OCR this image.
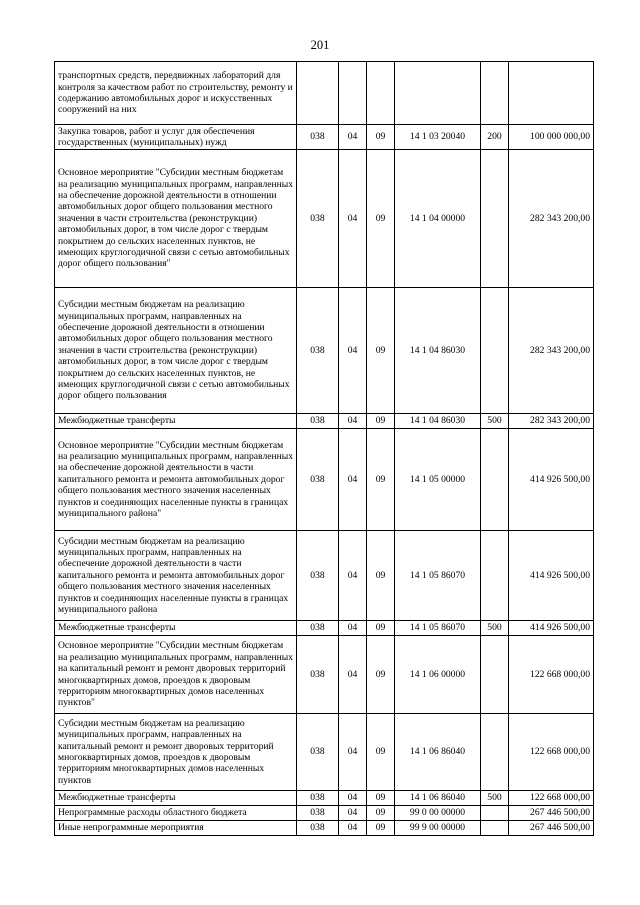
201
транспортных средств, передвижных лабораторий для контроля за качеством работ по строительству, ремонту и содержанию автомобильных дорог и искусственных сооружений на них						
Закупка товаров, работ и услуг для обеспечения государственных (муниципальных) нужд	038	04	09	14 1 03 20040	200	100 000 000,00
Основное мероприятие "Субсидии местным бюджетам на реализацию муниципальных программ, направленных на обеспечение дорожной деятельности в отношении автомобильных дорог общего пользования местного значения в части строительства (реконструкции) автомобильных дорог, в том числе дорог с твердым покрытием до сельских населенных пунктов, не имеющих круглогодичной связи с сетью автомобильных дорог общего пользования"	038	04	09	14 1 04 00000		282 343 200,00
Субсидии местным бюджетам на реализацию муниципальных программ, направленных на обеспечение дорожной деятельности в отношении автомобильных дорог общего пользования местного значения в части строительства (реконструкции) автомобильных дорог, в том числе дорог с твердым покрытием до сельских населенных пунктов, не имеющих круглогодичной связи с сетью автомобильных дорог общего пользования	038	04	09	14 1 04 86030		282 343 200,00
Межбюджетные трансферты	038	04	09	14 1 04 86030	500	282 343 200,00
Основное мероприятие "Субсидии местным бюджетам на реализацию муниципальных программ, направленных на обеспечение дорожной деятельности в части капитального ремонта и ремонта автомобильных дорог общего пользования местного значения населенных пунктов и соединяющих населенные пункты в границах муниципального района"	038	04	09	14 1 05 00000		414 926 500,00
Субсидии местным бюджетам на реализацию муниципальных программ, направленных на обеспечение дорожной деятельности в части капитального ремонта и ремонта автомобильных дорог общего пользования местного значения населенных пунктов и соединяющих населенные пункты в границах муниципального района	038	04	09	14 1 05 86070		414 926 500,00
Межбюджетные трансферты	038	04	09	14 1 05 86070	500	414 926 500,00
Основное мероприятие "Субсидии местным бюджетам на реализацию муниципальных программ, направленных на капитальный ремонт и ремонт дворовых территорий многоквартирных домов, проездов к дворовым территориям многоквартирных домов населенных пунктов"	038	04	09	14 1 06 00000		122 668 000,00
Субсидии местным бюджетам на реализацию муниципальных программ, направленных на капитальный ремонт и ремонт дворовых территорий многоквартирных домов, проездов к дворовым территориям многоквартирных домов населенных пунктов	038	04	09	14 1 06 86040		122 668 000,00
Межбюджетные трансферты	038	04	09	14 1 06 86040	500	122 668 000,00
Непрограммные расходы областного бюджета	038	04	09	99 0 00 00000		267 446 500,00
Иные непрограммные мероприятия	038	04	09	99 9 00 00000		267 446 500,00
